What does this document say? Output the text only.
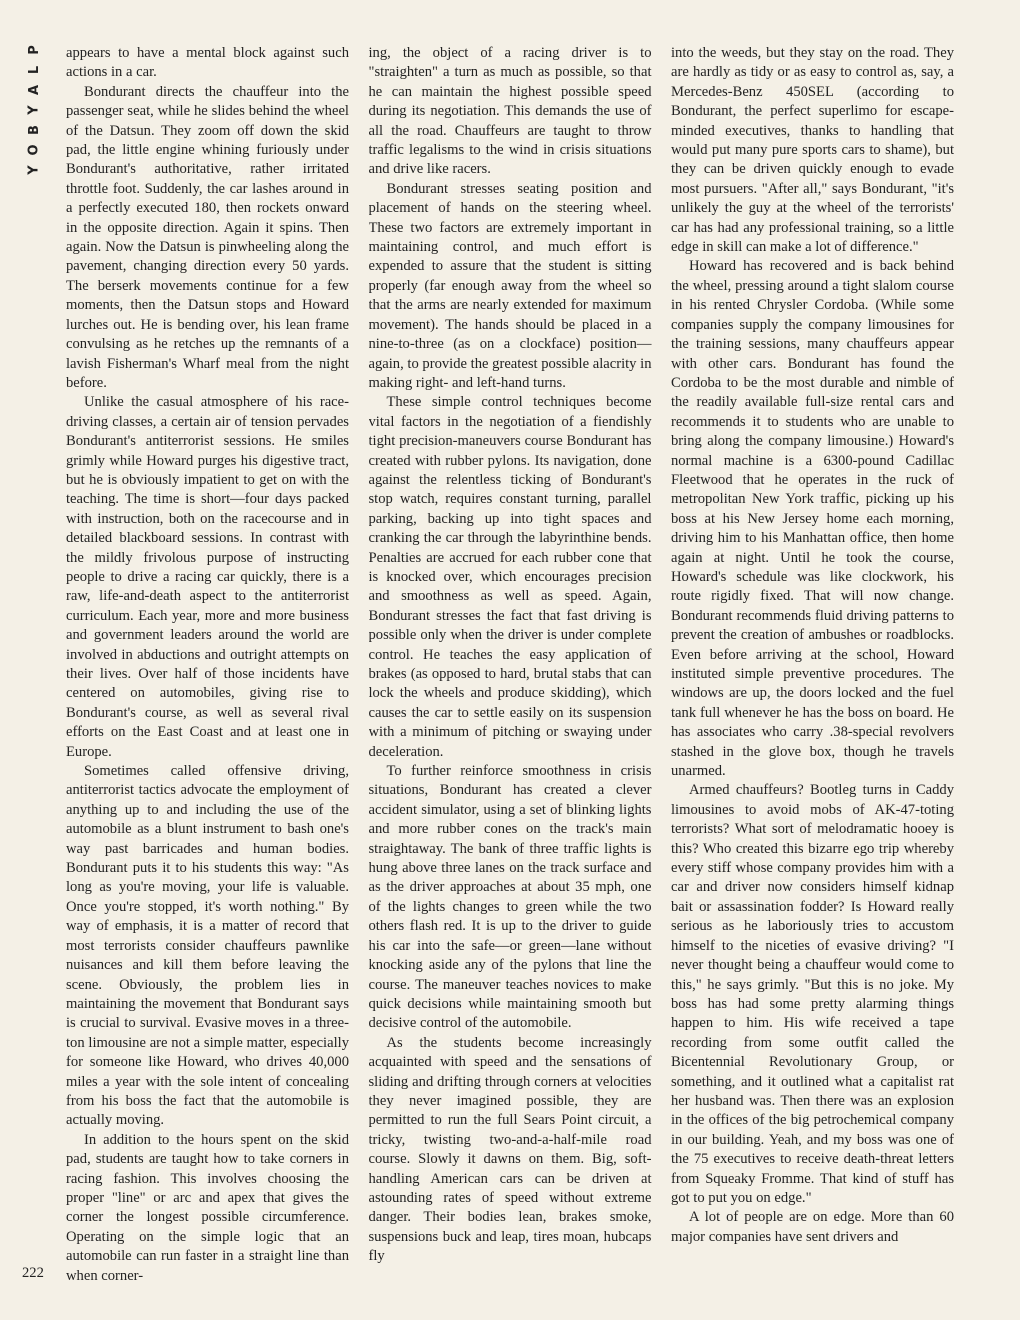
P
L
A
Y
B
O
Y

appears to have a mental block against such actions in a car.

Bondurant directs the chauffeur into the passenger seat, while he slides behind the wheel of the Datsun. They zoom off down the skid pad, the little engine whining furiously under Bondurant's authoritative, rather irritated throttle foot. Suddenly, the car lashes around in a perfectly executed 180, then rockets onward in the opposite direction. Again it spins. Then again. Now the Datsun is pinwheeling along the pavement, changing direction every 50 yards. The berserk movements continue for a few moments, then the Datsun stops and Howard lurches out. He is bending over, his lean frame convulsing as he retches up the remnants of a lavish Fisherman's Wharf meal from the night before.

Unlike the casual atmosphere of his race-driving classes, a certain air of tension pervades Bondurant's antiterrorist sessions. He smiles grimly while Howard purges his digestive tract, but he is obviously impatient to get on with the teaching. The time is short—four days packed with instruction, both on the racecourse and in detailed blackboard sessions. In contrast with the mildly frivolous purpose of instructing people to drive a racing car quickly, there is a raw, life-and-death aspect to the antiterrorist curriculum. Each year, more and more business and government leaders around the world are involved in abductions and outright attempts on their lives. Over half of those incidents have centered on automobiles, giving rise to Bondurant's course, as well as several rival efforts on the East Coast and at least one in Europe.

Sometimes called offensive driving, antiterrorist tactics advocate the employment of anything up to and including the use of the automobile as a blunt instrument to bash one's way past barricades and human bodies. Bondurant puts it to his students this way: "As long as you're moving, your life is valuable. Once you're stopped, it's worth nothing." By way of emphasis, it is a matter of record that most terrorists consider chauffeurs pawnlike nuisances and kill them before leaving the scene. Obviously, the problem lies in maintaining the movement that Bondurant says is crucial to survival. Evasive moves in a three-ton limousine are not a simple matter, especially for someone like Howard, who drives 40,000 miles a year with the sole intent of concealing from his boss the fact that the automobile is actually moving.

In addition to the hours spent on the skid pad, students are taught how to take corners in racing fashion. This involves choosing the proper "line" or arc and apex that gives the corner the longest possible circumference. Operating on the simple logic that an automobile can run faster in a straight line than when corner-

ing, the object of a racing driver is to "straighten" a turn as much as possible, so that he can maintain the highest possible speed during its negotiation. This demands the use of all the road. Chauffeurs are taught to throw traffic legalisms to the wind in crisis situations and drive like racers.

Bondurant stresses seating position and placement of hands on the steering wheel. These two factors are extremely important in maintaining control, and much effort is expended to assure that the student is sitting properly (far enough away from the wheel so that the arms are nearly extended for maximum movement). The hands should be placed in a nine-to-three (as on a clockface) position—again, to provide the greatest possible alacrity in making right- and left-hand turns.

These simple control techniques become vital factors in the negotiation of a fiendishly tight precision-maneuvers course Bondurant has created with rubber pylons. Its navigation, done against the relentless ticking of Bondurant's stop watch, requires constant turning, parallel parking, backing up into tight spaces and cranking the car through the labyrinthine bends. Penalties are accrued for each rubber cone that is knocked over, which encourages precision and smoothness as well as speed. Again, Bondurant stresses the fact that fast driving is possible only when the driver is under complete control. He teaches the easy application of brakes (as opposed to hard, brutal stabs that can lock the wheels and produce skidding), which causes the car to settle easily on its suspension with a minimum of pitching or swaying under deceleration.

To further reinforce smoothness in crisis situations, Bondurant has created a clever accident simulator, using a set of blinking lights and more rubber cones on the track's main straightaway. The bank of three traffic lights is hung above three lanes on the track surface and as the driver approaches at about 35 mph, one of the lights changes to green while the two others flash red. It is up to the driver to guide his car into the safe—or green—lane without knocking aside any of the pylons that line the course. The maneuver teaches novices to make quick decisions while maintaining smooth but decisive control of the automobile.

As the students become increasingly acquainted with speed and the sensations of sliding and drifting through corners at velocities they never imagined possible, they are permitted to run the full Sears Point circuit, a tricky, twisting two-and-a-half-mile road course. Slowly it dawns on them. Big, soft-handling American cars can be driven at astounding rates of speed without extreme danger. Their bodies lean, brakes smoke, suspensions buck and leap, tires moan, hubcaps fly

into the weeds, but they stay on the road. They are hardly as tidy or as easy to control as, say, a Mercedes-Benz 450SEL (according to Bondurant, the perfect superlimo for escape-minded executives, thanks to handling that would put many pure sports cars to shame), but they can be driven quickly enough to evade most pursuers. "After all," says Bondurant, "it's unlikely the guy at the wheel of the terrorists' car has had any professional training, so a little edge in skill can make a lot of difference."

Howard has recovered and is back behind the wheel, pressing around a tight slalom course in his rented Chrysler Cordoba. (While some companies supply the company limousines for the training sessions, many chauffeurs appear with other cars. Bondurant has found the Cordoba to be the most durable and nimble of the readily available full-size rental cars and recommends it to students who are unable to bring along the company limousine.) Howard's normal machine is a 6300-pound Cadillac Fleetwood that he operates in the ruck of metropolitan New York traffic, picking up his boss at his New Jersey home each morning, driving him to his Manhattan office, then home again at night. Until he took the course, Howard's schedule was like clockwork, his route rigidly fixed. That will now change. Bondurant recommends fluid driving patterns to prevent the creation of ambushes or roadblocks. Even before arriving at the school, Howard instituted simple preventive procedures. The windows are up, the doors locked and the fuel tank full whenever he has the boss on board. He has associates who carry .38-special revolvers stashed in the glove box, though he travels unarmed.

Armed chauffeurs? Bootleg turns in Caddy limousines to avoid mobs of AK-47-toting terrorists? What sort of melodramatic hooey is this? Who created this bizarre ego trip whereby every stiff whose company provides him with a car and driver now considers himself kidnap bait or assassination fodder? Is Howard really serious as he laboriously tries to accustom himself to the niceties of evasive driving? "I never thought being a chauffeur would come to this," he says grimly. "But this is no joke. My boss has had some pretty alarming things happen to him. His wife received a tape recording from some outfit called the Bicentennial Revolutionary Group, or something, and it outlined what a capitalist rat her husband was. Then there was an explosion in the offices of the big petrochemical company in our building. Yeah, and my boss was one of the 75 executives to receive death-threat letters from Squeaky Fromme. That kind of stuff has got to put you on edge."

A lot of people are on edge. More than 60 major companies have sent drivers and

222
